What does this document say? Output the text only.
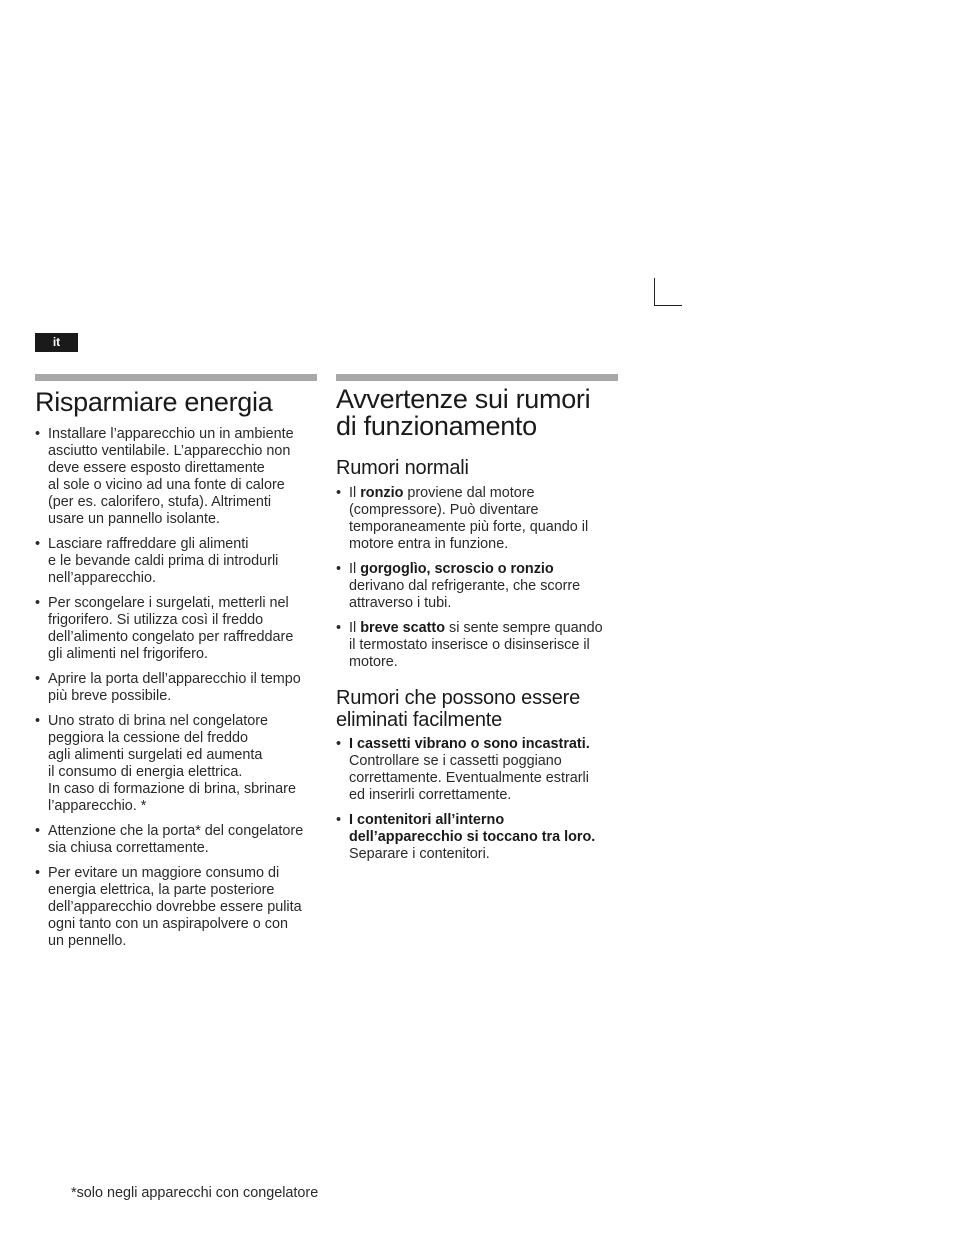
it
Risparmiare energia
• Installare l’apparecchio un in ambiente
asciutto ventilabile. L’apparecchio non
deve essere esposto direttamente
al sole o vicino ad una fonte di calore
(per es. calorifero, stufa). Altrimenti
usare un pannello isolante.
• Lasciare raffreddare gli alimenti
e le bevande caldi prima di introdurli
nell’apparecchio.
• Per scongelare i surgelati, metterli nel
frigorifero. Si utilizza così il freddo
dell’alimento congelato per raffreddare
gli alimenti nel frigorifero.
• Aprire la porta dell’apparecchio il tempo
più breve possibile.
• Uno strato di brina nel congelatore
peggiora la cessione del freddo
agli alimenti surgelati ed aumenta
il consumo di energia elettrica.
In caso di formazione di brina, sbrinare
l’apparecchio. *
• Attenzione che la porta* del congelatore
sia chiusa correttamente.
• Per evitare un maggiore consumo di
energia elettrica, la parte posteriore
dell’apparecchio dovrebbe essere pulita
ogni tanto con un aspirapolvere o con
un pennello.
Avvertenze sui rumori
di funzionamento
Rumori normali
• Il ronzio proviene dal motore
(compressore). Può diventare
temporaneamente più forte, quando il
motore entra in funzione.
• Il gorgoglìo, scroscio o ronzio
derivano dal refrigerante, che scorre
attraverso i tubi.
• Il breve scatto si sente sempre quando
il termostato inserisce o disinserisce il
motore.
Rumori che possono essere
eliminati facilmente
• I cassetti vibrano o sono incastrati.
Controllare se i cassetti poggiano
correttamente. Eventualmente estrarli
ed inserirli correttamente.
• I contenitori all’interno
dell’apparecchio si toccano tra loro.
Separare i contenitori.
*solo negli apparecchi con congelatore
